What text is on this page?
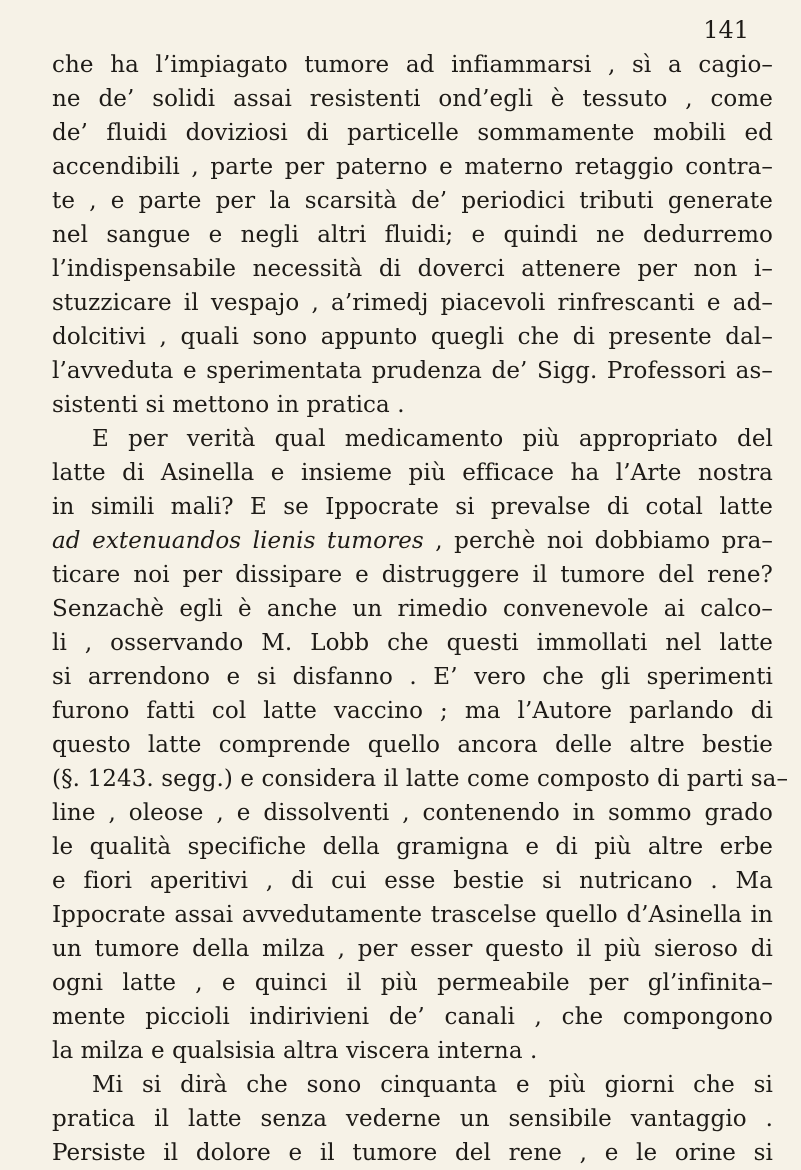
141
che ha l’impiagato tumore ad infiammarsi , sì a cagio–
ne de’ solidi assai resistenti ond’egli è tessuto , come
de’ fluidi doviziosi di particelle sommamente mobili ed
accendibili , parte per paterno e materno retaggio contra–
te , e parte per la scarsità de’ periodici tributi generate
nel sangue e negli altri fluidi; e quindi ne dedurremo
l’indispensabile necessità di doverci attenere per non i–
stuzzicare il vespajo , a’rimedj piacevoli rinfrescanti e ad–
dolcitivi , quali sono appunto quegli che di presente dal–
l’avveduta e sperimentata prudenza de’ Sigg. Professori as–
sistenti si mettono in pratica .
E per verità qual medicamento più appropriato del
latte di Asinella e insieme più efficace ha l’Arte nostra
in simili mali? E se Ippocrate si prevalse di cotal latte
ad extenuandos lienis tumores , perchè noi dobbiamo pra–
ticare noi per dissipare e distruggere il tumore del rene?
Senzachè egli è anche un rimedio convenevole ai calco–
li , osservando M. Lobb che questi immollati nel latte
si arrendono e si disfanno . E’ vero che gli sperimenti
furono fatti col latte vaccino ; ma l’Autore parlando di
questo latte comprende quello ancora delle altre bestie
(§. 1243. segg.) e considera il latte come composto di parti sa–
line , oleose , e dissolventi , contenendo in sommo grado
le qualità specifiche della gramigna e di più altre erbe
e fiori aperitivi , di cui esse bestie si nutricano . Ma
Ippocrate assai avvedutamente trascelse quello d’Asinella in
un tumore della milza , per esser questo il più sieroso di
ogni latte , e quinci il più permeabile per gl’infinita–
mente piccioli indirivieni de’ canali , che compongono
la milza e qualsisia altra viscera interna .
Mi si dirà che sono cinquanta e più giorni che si
pratica il latte senza vederne un sensibile vantaggio .
Persiste il dolore e il tumore del rene , e le orine si
